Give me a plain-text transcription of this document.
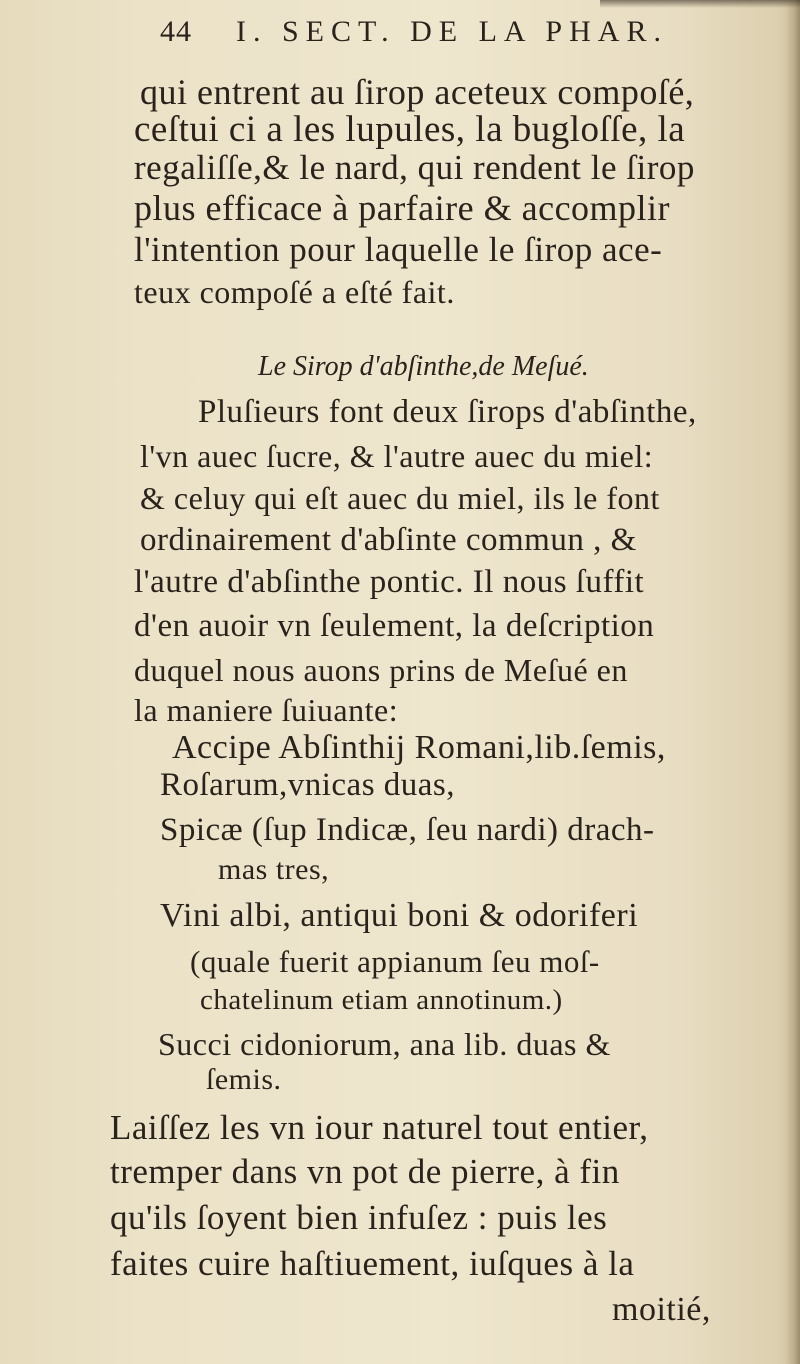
44 I. SECT. DE LA PHAR.
qui entrent au ſirop aceteux compoſé,
ceſtui ci a les lupules, la bugloſſe, la
regaliſſe,& le nard, qui rendent le ſirop
plus efficace à parfaire & accomplir
l'intention pour laquelle le ſirop ace-
teux compoſé a eſté fait.
Le Sirop d'abſinthe,de Meſué.
Pluſieurs font deux ſirops d'abſinthe,
l'vn auec ſucre, & l'autre auec du miel:
& celuy qui eſt auec du miel, ils le font
ordinairement d'abſinte commun , &
l'autre d'abſinthe pontic. Il nous ſuffit
d'en auoir vn ſeulement, la deſcription
duquel nous auons prins de Meſué en
la maniere ſuiuante:
Accipe Abſinthij Romani,lib.ſemis,
Roſarum,vnicas duas,
Spicæ (ſup Indicæ, ſeu nardi) drach-
mas tres,
Vini albi, antiqui boni & odoriferi
(quale fuerit appianum ſeu moſ-
chatelinum etiam annotinum.)
Succi cidoniorum, ana lib. duas &
ſemis.
Laiſſez les vn iour naturel tout entier,
tremper dans vn pot de pierre, à fin
qu'ils ſoyent bien infuſez : puis les
faites cuire haſtiuement, iuſques à la
moitié,
